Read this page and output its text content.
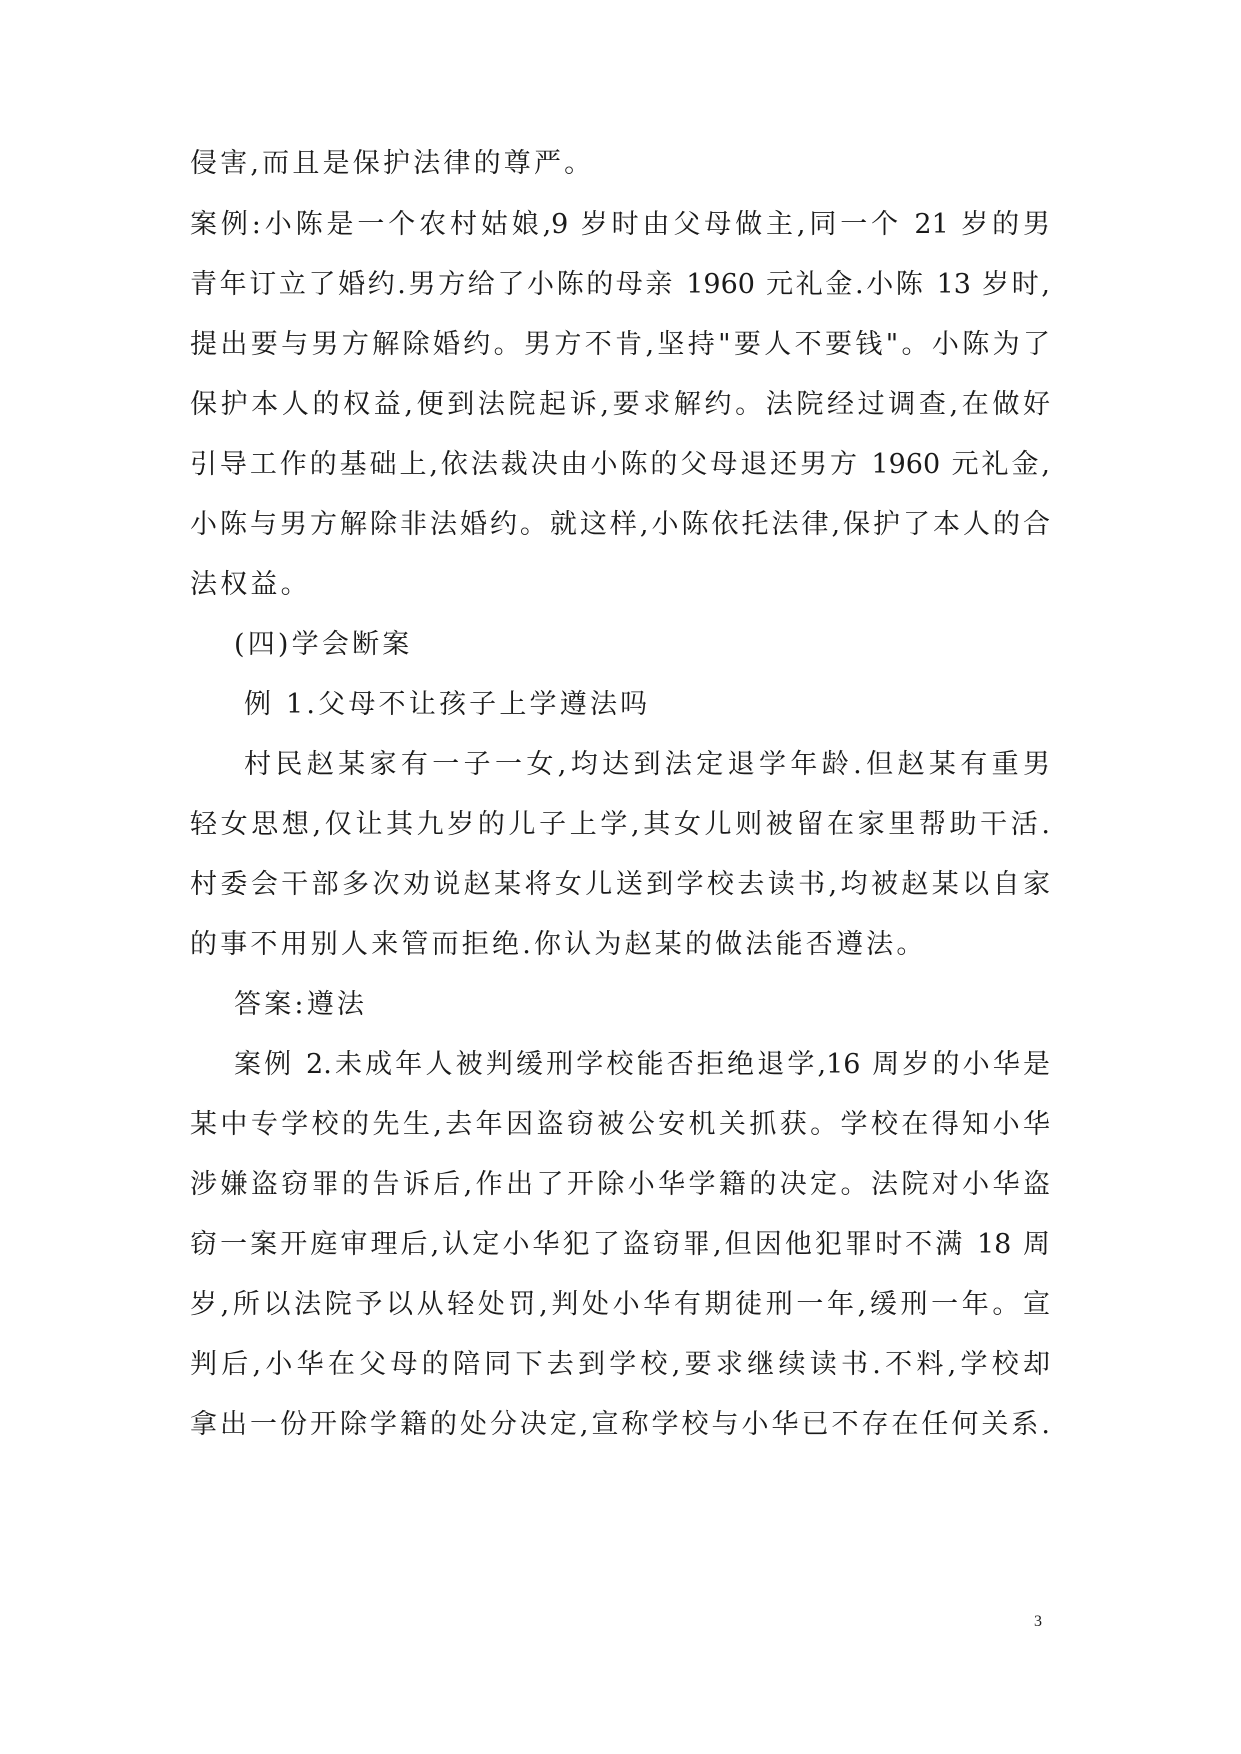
侵害,而且是保护法律的尊严。
案例:小陈是一个农村姑娘,9 岁时由父母做主,同一个 21 岁的男
青年订立了婚约.男方给了小陈的母亲 1960 元礼金.小陈 13 岁时,
提出要与男方解除婚约。男方不肯,坚持"要人不要钱"。小陈为了
保护本人的权益,便到法院起诉,要求解约。法院经过调查,在做好
引导工作的基础上,依法裁决由小陈的父母退还男方 1960 元礼金,
小陈与男方解除非法婚约。就这样,小陈依托法律,保护了本人的合
法权益。
(四)学会断案
例 1.父母不让孩子上学遵法吗
村民赵某家有一子一女,均达到法定退学年龄.但赵某有重男
轻女思想,仅让其九岁的儿子上学,其女儿则被留在家里帮助干活.
村委会干部多次劝说赵某将女儿送到学校去读书,均被赵某以自家
的事不用别人来管而拒绝.你认为赵某的做法能否遵法。
答案:遵法
案例 2.未成年人被判缓刑学校能否拒绝退学,16 周岁的小华是
某中专学校的先生,去年因盗窃被公安机关抓获。学校在得知小华
涉嫌盗窃罪的告诉后,作出了开除小华学籍的决定。法院对小华盗
窃一案开庭审理后,认定小华犯了盗窃罪,但因他犯罪时不满 18 周
岁,所以法院予以从轻处罚,判处小华有期徒刑一年,缓刑一年。宣
判后,小华在父母的陪同下去到学校,要求继续读书.不料,学校却
拿出一份开除学籍的处分决定,宣称学校与小华已不存在任何关系.
3
